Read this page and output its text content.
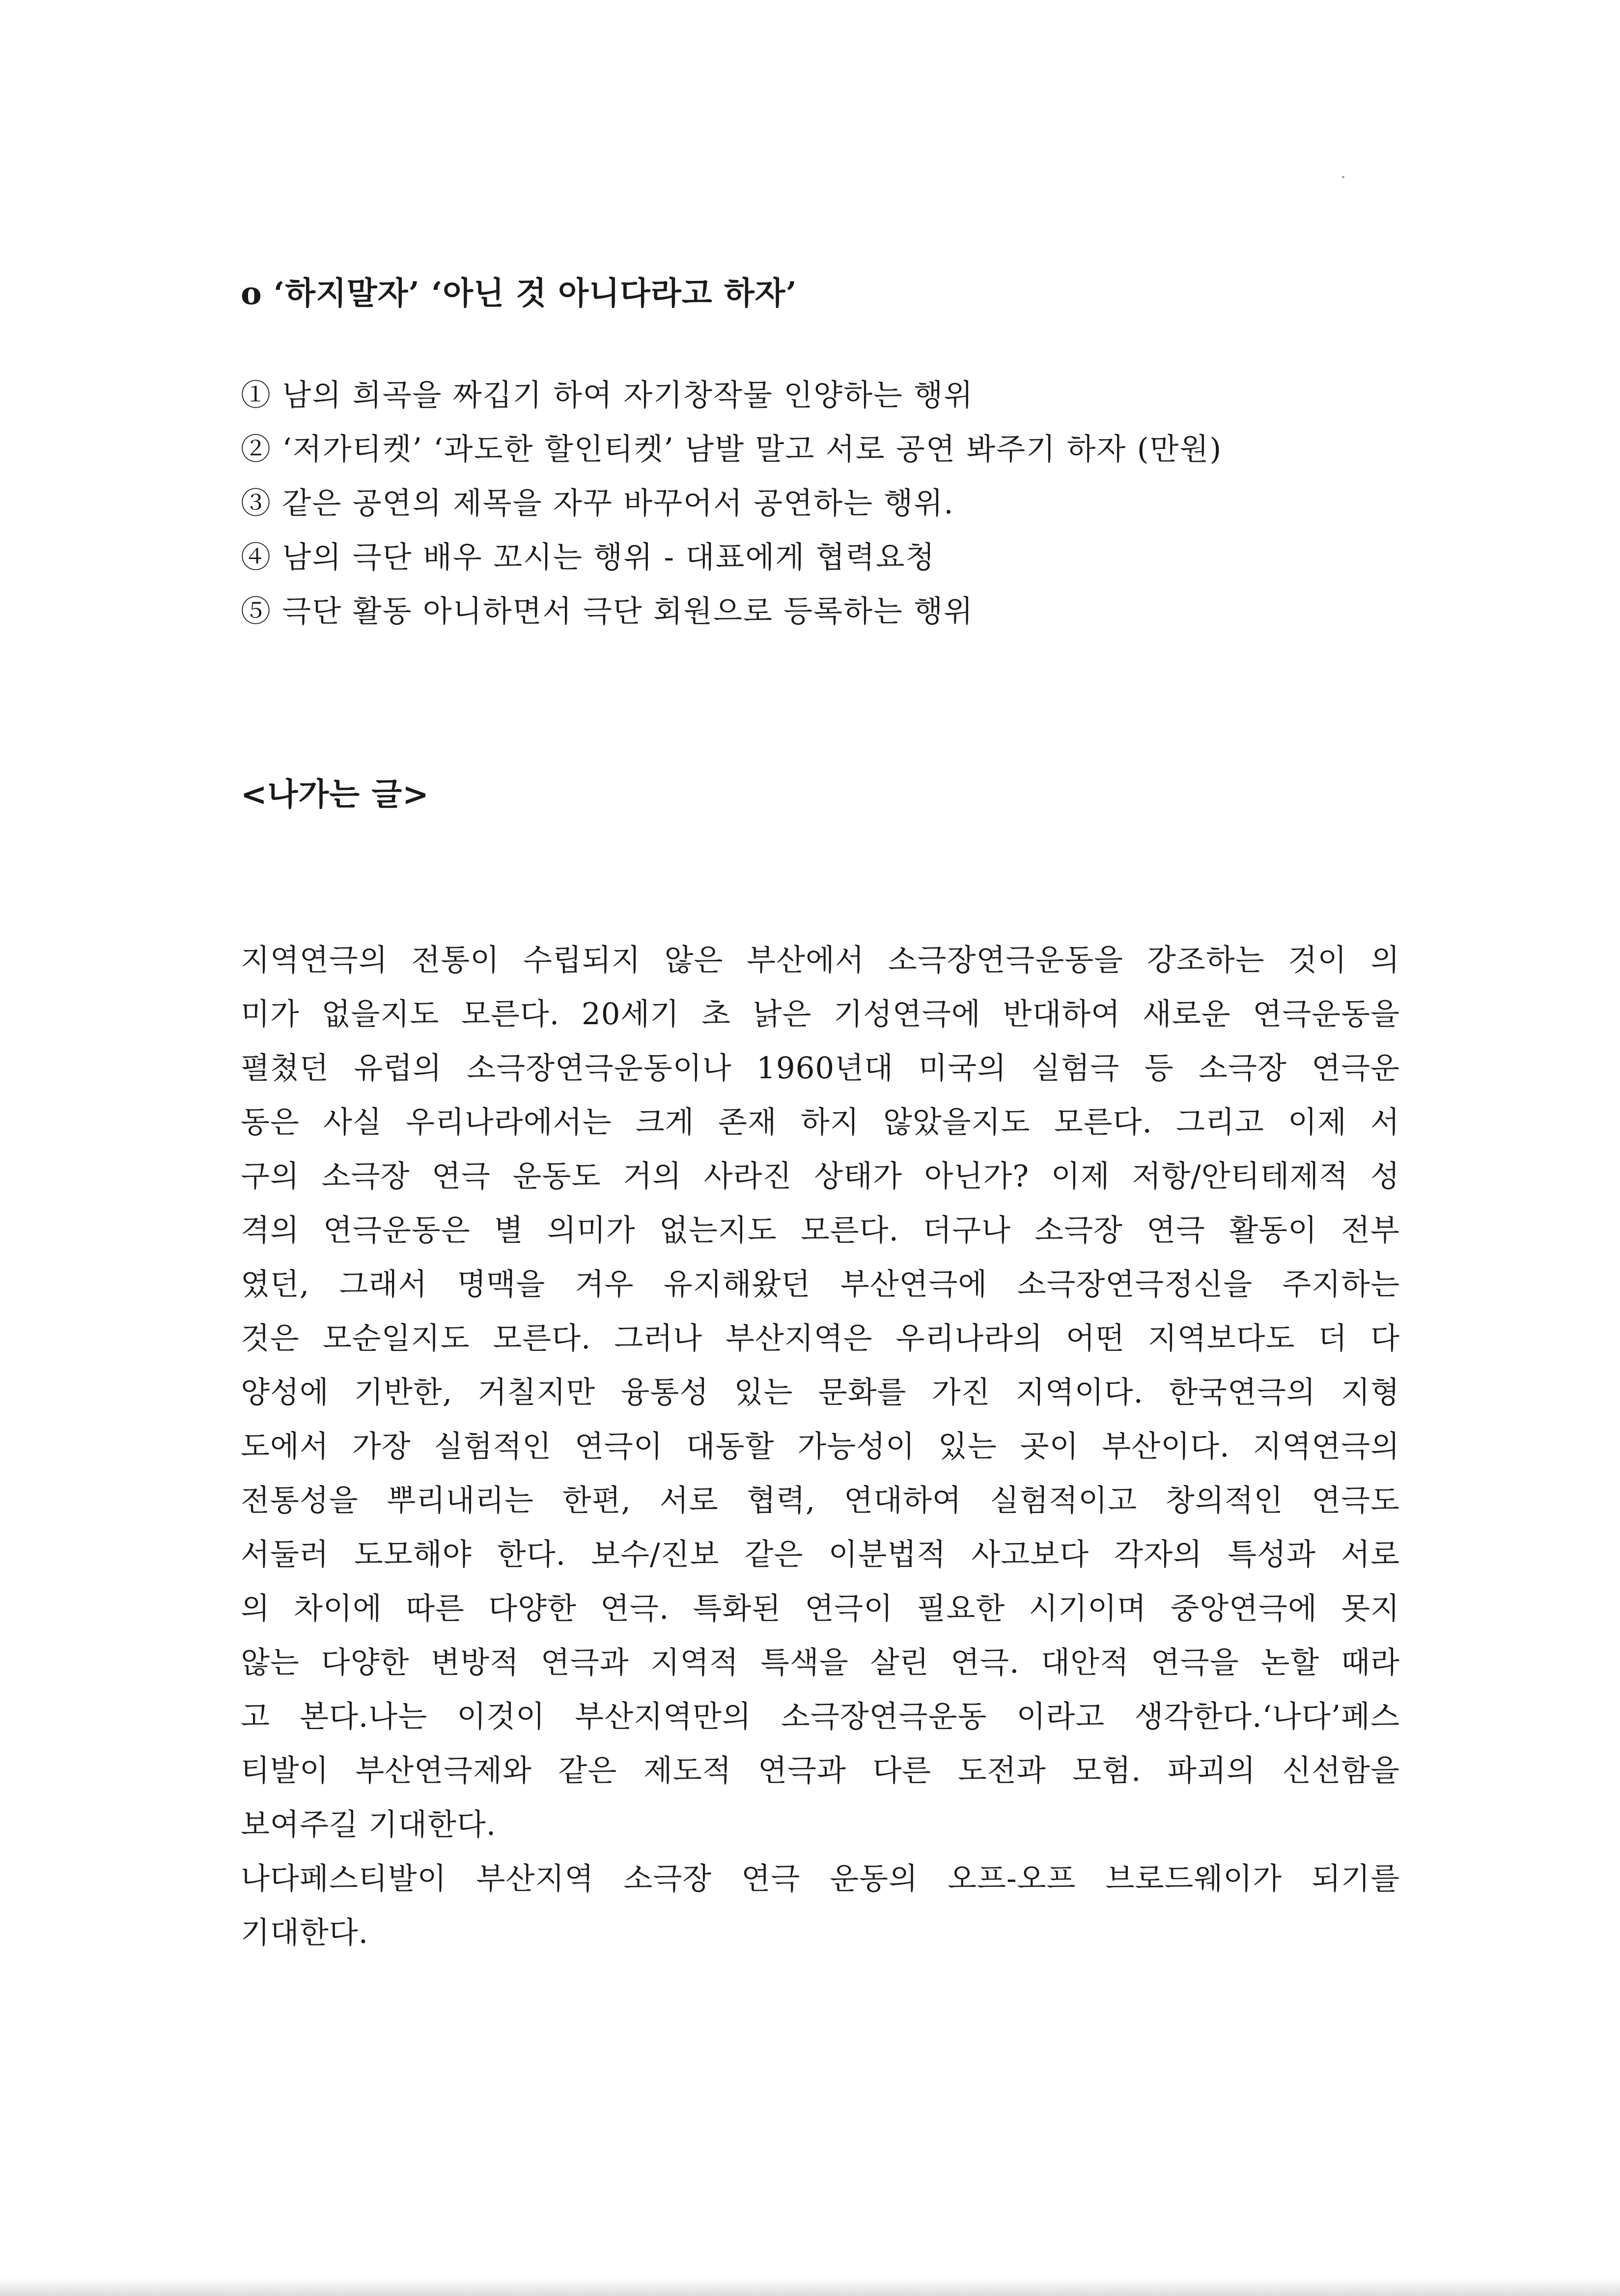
o ‘하지말자’ ‘아닌 것 아니다라고 하자’
① 남의 희곡을 짜깁기 하여 자기창작물 인양하는 행위
② ‘저가티켓’ ‘과도한 할인티켓’ 남발 말고 서로 공연 봐주기 하자 (만원)
③ 같은 공연의 제목을 자꾸 바꾸어서 공연하는 행위.
④ 남의 극단 배우 꼬시는 행위 - 대표에게 협력요청
⑤ 극단 활동 아니하면서 극단 회원으로 등록하는 행위
<나가는 글>
지역연극의 전통이 수립되지 않은 부산에서 소극장연극운동을 강조하는 것이 의
미가 없을지도 모른다. 20세기 초 낡은 기성연극에 반대하여 새로운 연극운동을
펼쳤던 유럽의 소극장연극운동이나 1960년대 미국의 실험극 등 소극장 연극운
동은 사실 우리나라에서는 크게 존재 하지 않았을지도 모른다. 그리고 이제 서
구의 소극장 연극 운동도 거의 사라진 상태가 아닌가? 이제 저항/안티테제적 성
격의 연극운동은 별 의미가 없는지도 모른다. 더구나 소극장 연극 활동이 전부
였던, 그래서 명맥을 겨우 유지해왔던 부산연극에 소극장연극정신을 주지하는
것은 모순일지도 모른다. 그러나 부산지역은 우리나라의 어떤 지역보다도 더 다
양성에 기반한, 거칠지만 융통성 있는 문화를 가진 지역이다. 한국연극의 지형
도에서 가장 실험적인 연극이 대동할 가능성이 있는 곳이 부산이다. 지역연극의
전통성을 뿌리내리는 한편, 서로 협력, 연대하여 실험적이고 창의적인 연극도
서둘러 도모해야 한다. 보수/진보 같은 이분법적 사고보다 각자의 특성과 서로
의 차이에 따른 다양한 연극. 특화된 연극이 필요한 시기이며 중앙연극에 못지
않는 다양한 변방적 연극과 지역적 특색을 살린 연극. 대안적 연극을 논할 때라
고 본다.나는 이것이 부산지역만의 소극장연극운동 이라고 생각한다.‘나다’페스
티발이 부산연극제와 같은 제도적 연극과 다른 도전과 모험. 파괴의 신선함을
보여주길 기대한다.
나다페스티발이 부산지역 소극장 연극 운동의 오프-오프 브로드웨이가 되기를
기대한다.
